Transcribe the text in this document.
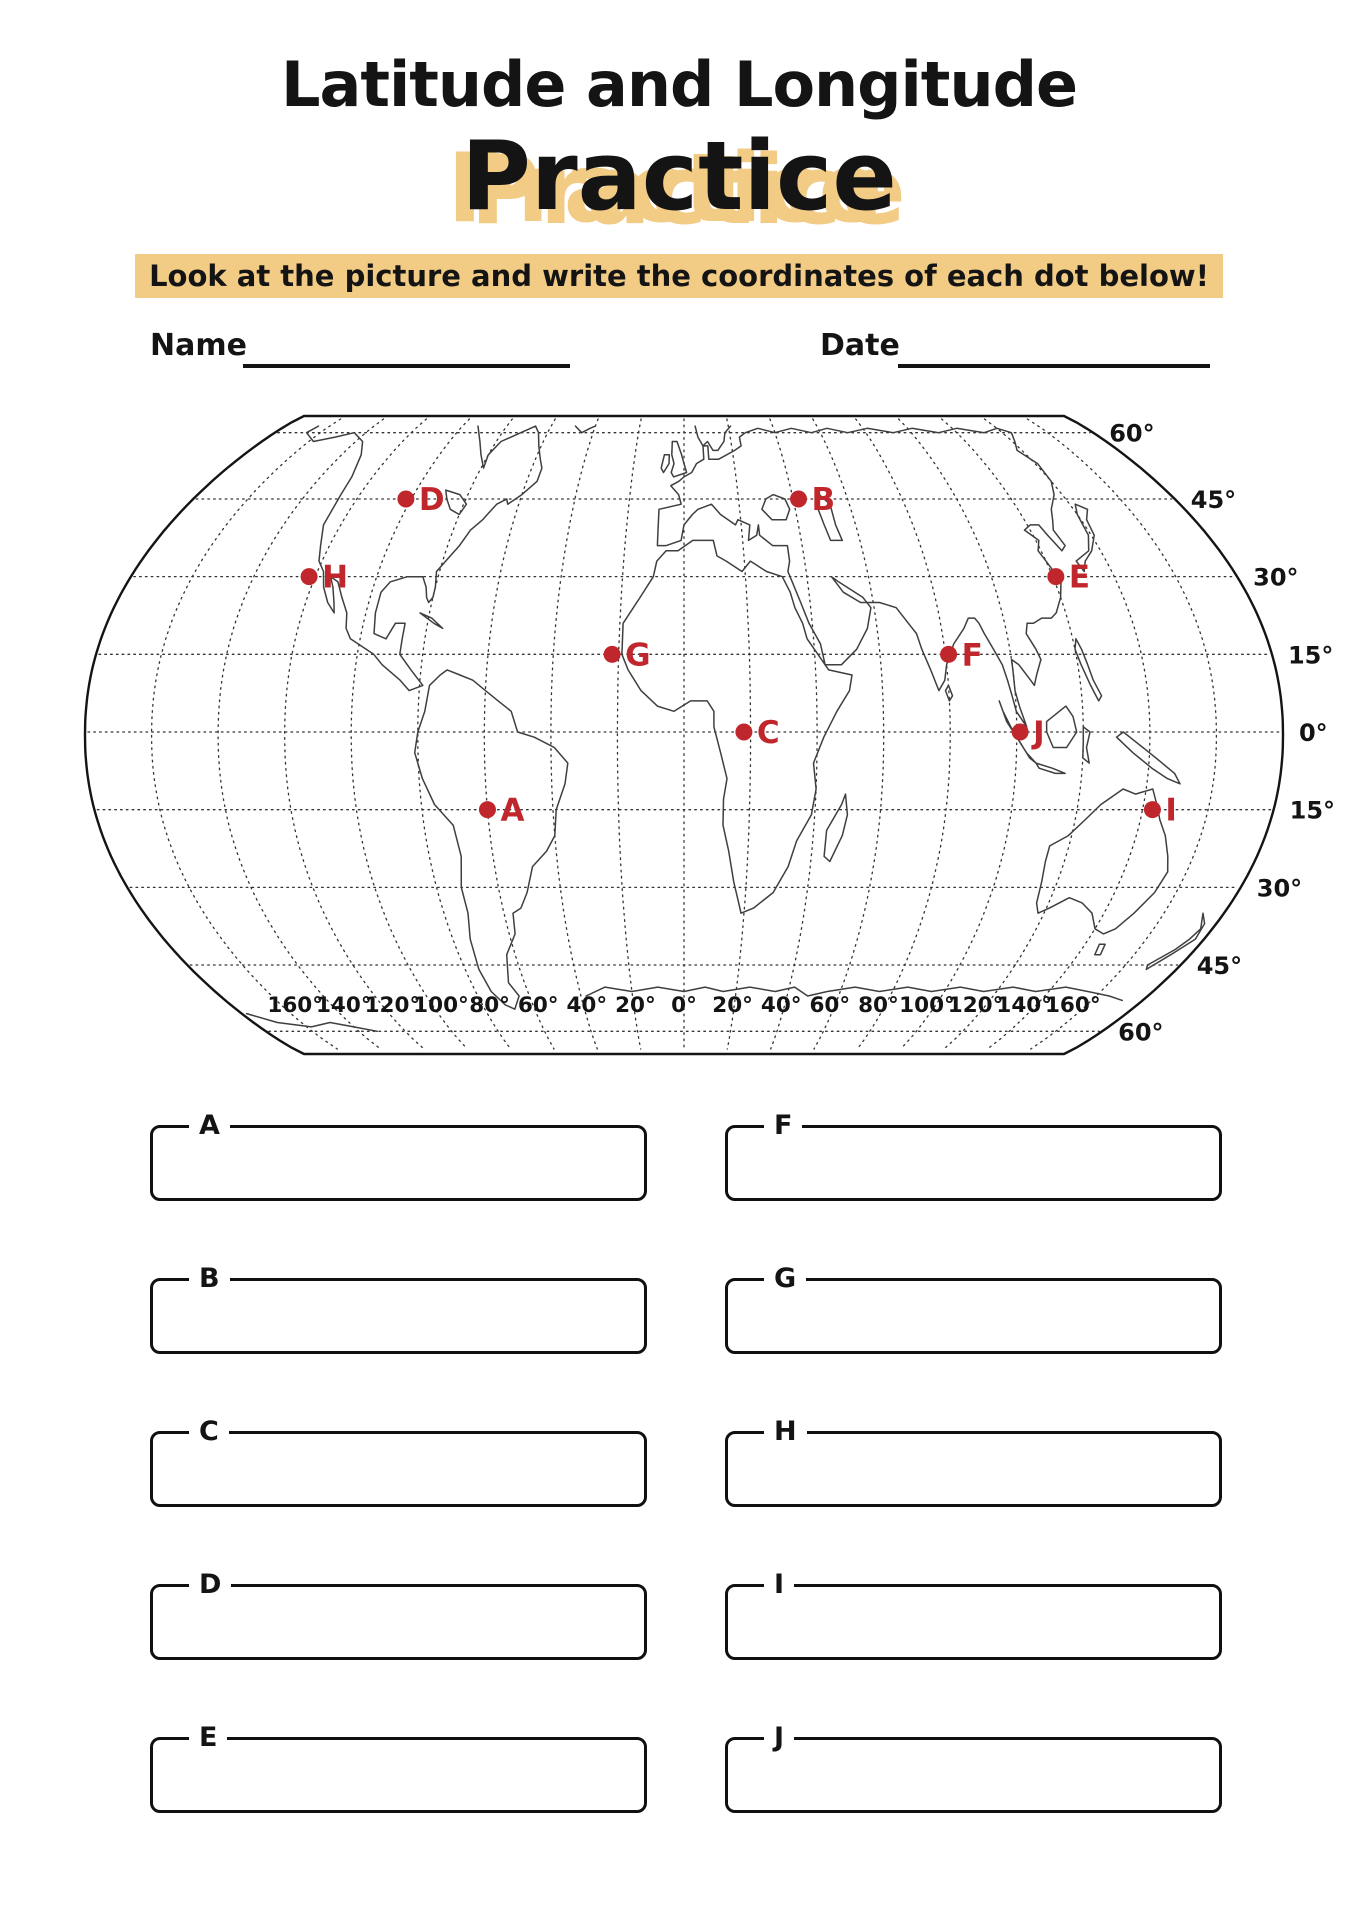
Latitude and Longitude
Practice
Look at the picture and write the coordinates of each dot below!
Name	Date
60°
45°
30°
15°
0°
15°
30°
45°
60°
160°
140°
120°
100° 80° 60° 40° 20° 0° 20° 40° 60° 80° 100°
120°
140°
160°
A
B
C
D
E
F
G
H
I
J
A
B
C
D
E
F
G
H
I
J
